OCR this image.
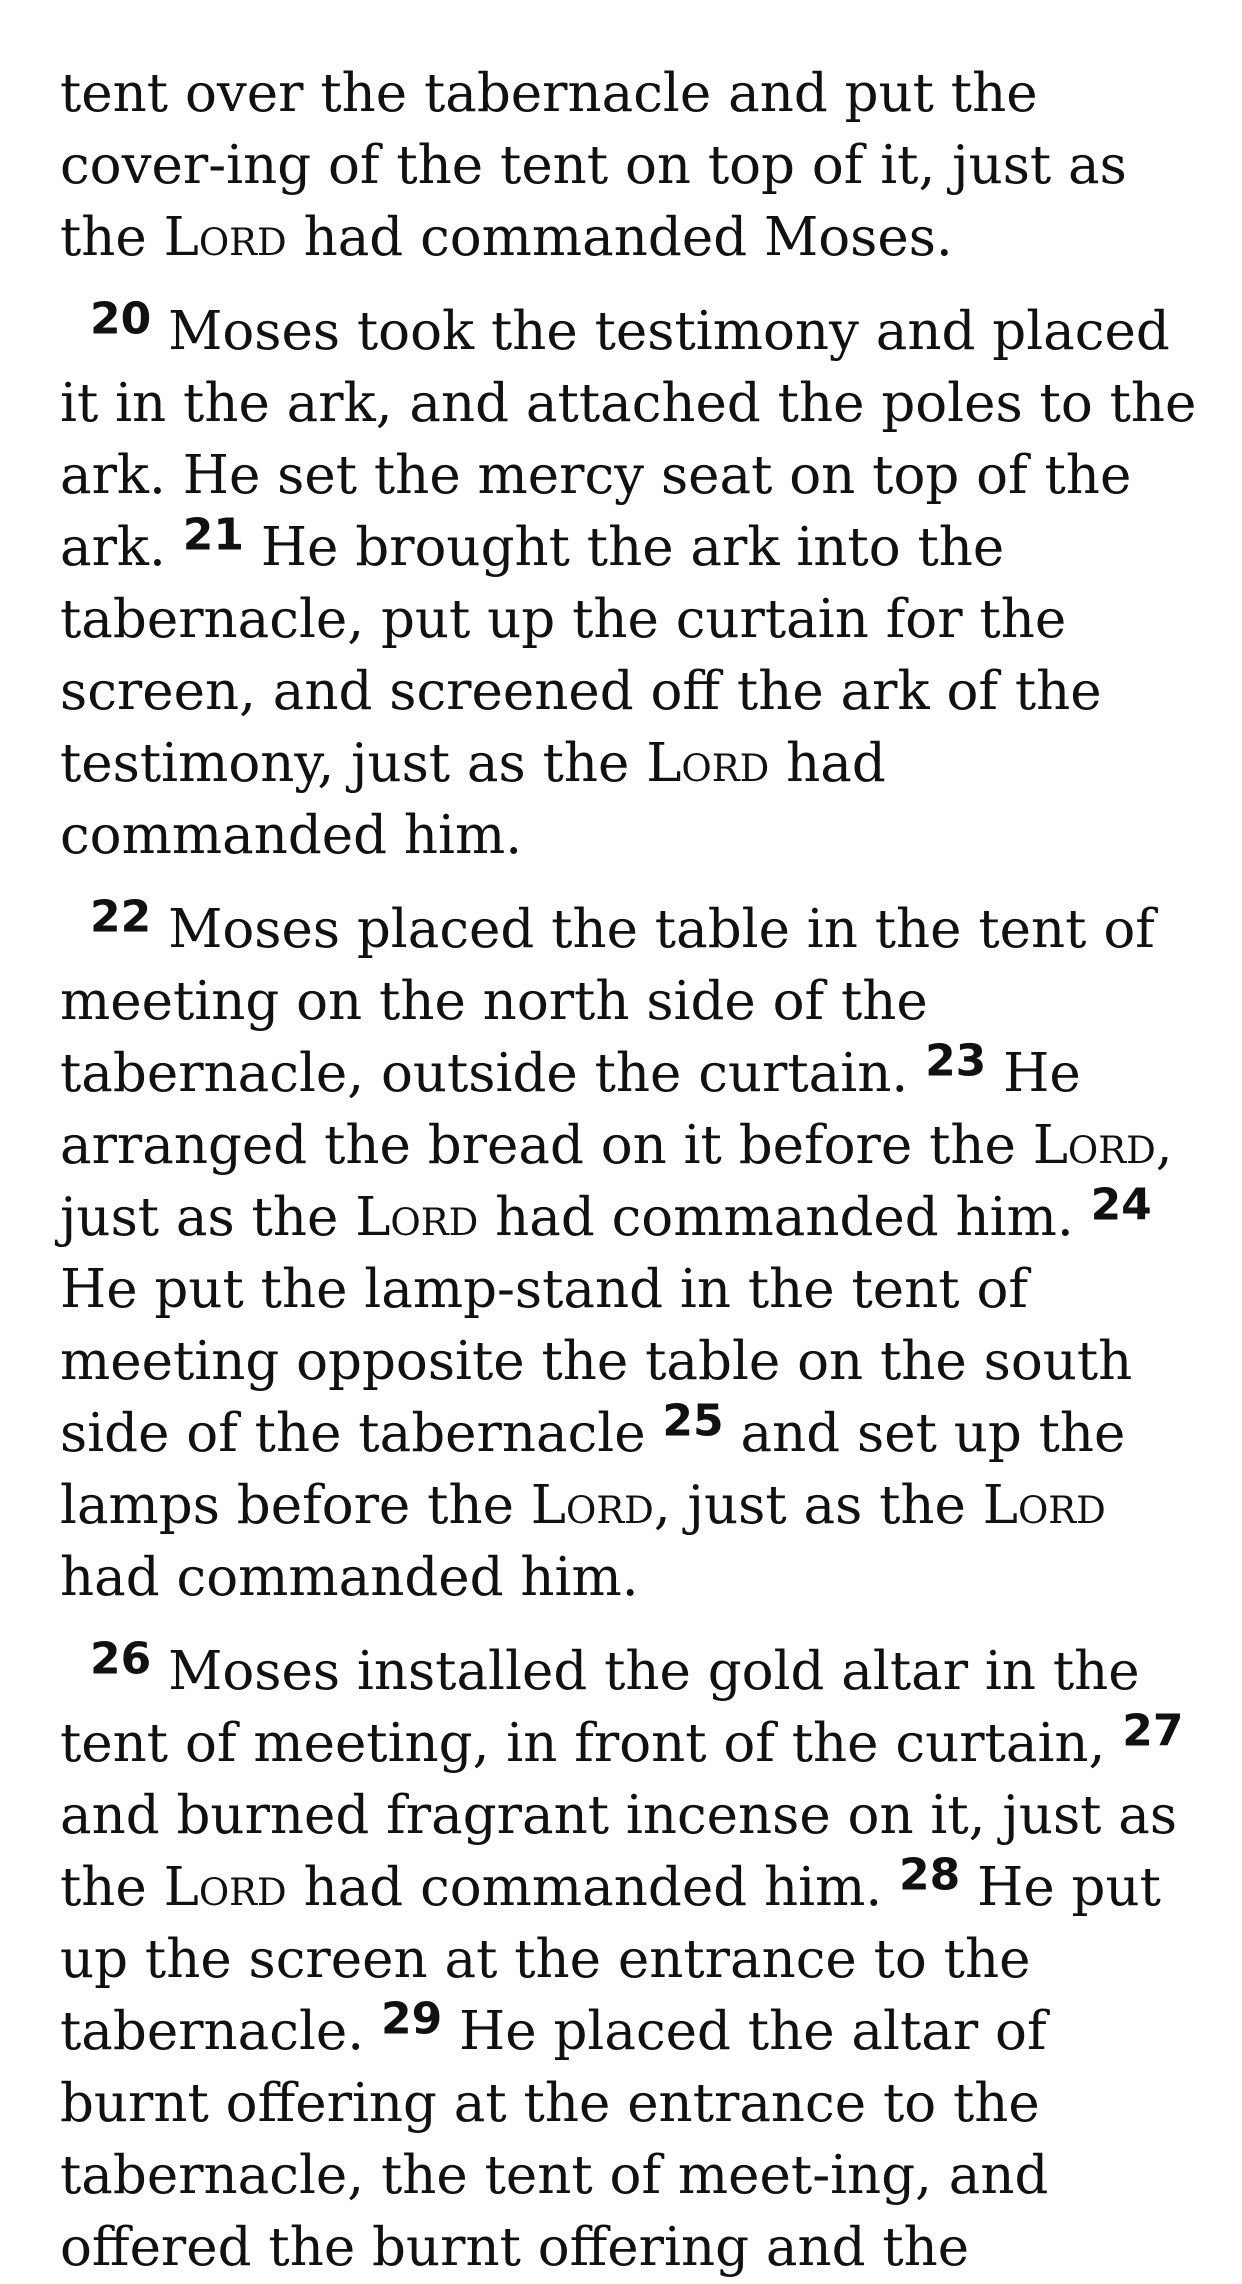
tent over the tabernacle and put the cover-ing of the tent on top of it, just as the Lord had commanded Moses.

$^{20}$ Moses took the testimony and placed it in the ark, and attached the poles to the ark. He set the mercy seat on top of the ark. $^{21}$ He brought the ark into the tabernacle, put up the curtain for the screen, and screened off the ark of the testimony, just as the Lord had commanded him.

$^{22}$ Moses placed the table in the tent of meeting on the north side of the tabernacle, outside the curtain. $^{23}$ He arranged the bread on it before the Lord, just as the Lord had commanded him. $^{24}$ He put the lamp-stand in the tent of meeting opposite the table on the south side of the tabernacle $^{25}$ and set up the lamps before the Lord, just as the Lord had commanded him.

$^{26}$ Moses installed the gold altar in the tent of meeting, in front of the curtain, $^{27}$ and burned fragrant incense on it, just as the Lord had commanded him. $^{28}$ He put up the screen at the entrance to the tabernacle. $^{29}$ He placed the altar of burnt offering at the entrance to the tabernacle, the tent of meet-ing, and offered the burnt offering and the
